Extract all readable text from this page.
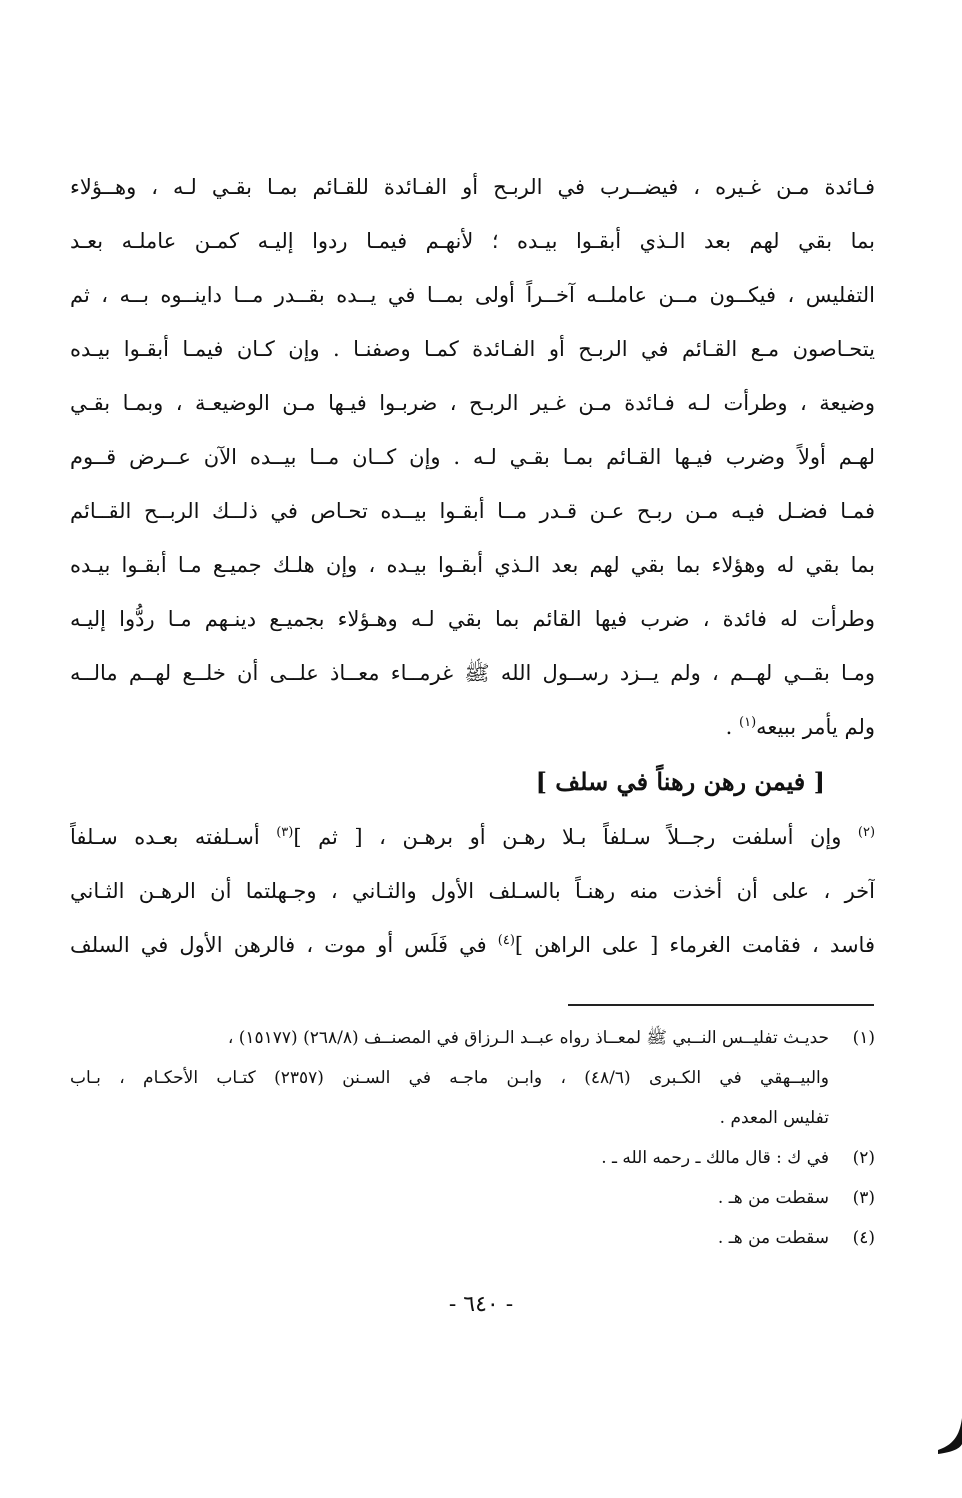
فـائدة مـن غـيره ، فيضــرب في الربـح أو الفـائدة للقـائم بمـا بقـي لـه ، وهــؤلاء
بما بقي لهم بعد الـذي أبقـوا بيـده ؛ لأنهـم فيمـا ردوا إليـه كمـن عاملـه بعـد
التفليس ، فيكــون مــن عاملــه آخــراً أولى بمــا في يــده بقــدر مــا داينــوه بــه ، ثم
يتحـاصون مـع القـائم في الربـح أو الفـائدة كمـا وصفنـا . وإن كـان فيمـا أبقـوا بيـده
وضيعة ، وطرأت لـه فـائدة مـن غـير الربـح ، ضربـوا فيـها مـن الوضيعـة ، وبمـا بقـي
لهـم أولاً وضرب فيـها القـائم بمـا بقـي لـه . وإن كــان مــا بيــده الآن عــرض قــوم
فمـا فضـل فيـه مـن ربـح عـن قـدر مــا أبقـوا بيــده تحـاص في ذلــك الربــح القــائم
بما بقي له وهؤلاء بما بقي لهم بعد الـذي أبقـوا بيـده ، وإن هلـك جميـع مـا أبقـوا بيـده
وطرأت له فائدة ، ضرب فيها القائم بما بقي لـه وهـؤلاء بجميـع دينـهم مـا ردُّوا إليـه
ومـا بقــي لهــم ، ولم يــزد رســول الله ﷺ غرمــاء معــاذ علــى أن خلــع لهــم مالــه
ولم يأمر ببيعه$^{(١)}$ .
[ فيمن رهن رهناً في سلف ]
$^{(٢)}$ وإن أسلفت رجــلاً سـلفاً بـلا رهـن أو برهـن ، [ ثم ]$^{(٣)}$ أسـلفته بعـده سـلفاً
آخر ، على أن أخذت منه رهنـاً بالسـلف الأول والثـاني ، وجـهلتما أن الرهـن الثـاني
فاسد ، فقامت الغرماء [ على الراهن ]$^{(٤)}$ في فَلَس أو موت ، فالرهن الأول في السلف
(١)حديـث تفليــس النــبي ﷺ لمعــاذ رواه عبــد الـرزاق في المصنــف (٢٦٨/٨) (١٥١٧٧) ،
والبيــهقي في الكـبرى (٤٨/٦) ، وابـن ماجـه في السـنن (٢٣٥٧) كتـاب الأحكـام ، بـاب
تفليس المعدم .
(٢)في ك : قال مالك ـ رحمه الله ـ .
(٣)سقطت من هـ .
(٤)سقطت من هـ .
- ٦٤٠ -
